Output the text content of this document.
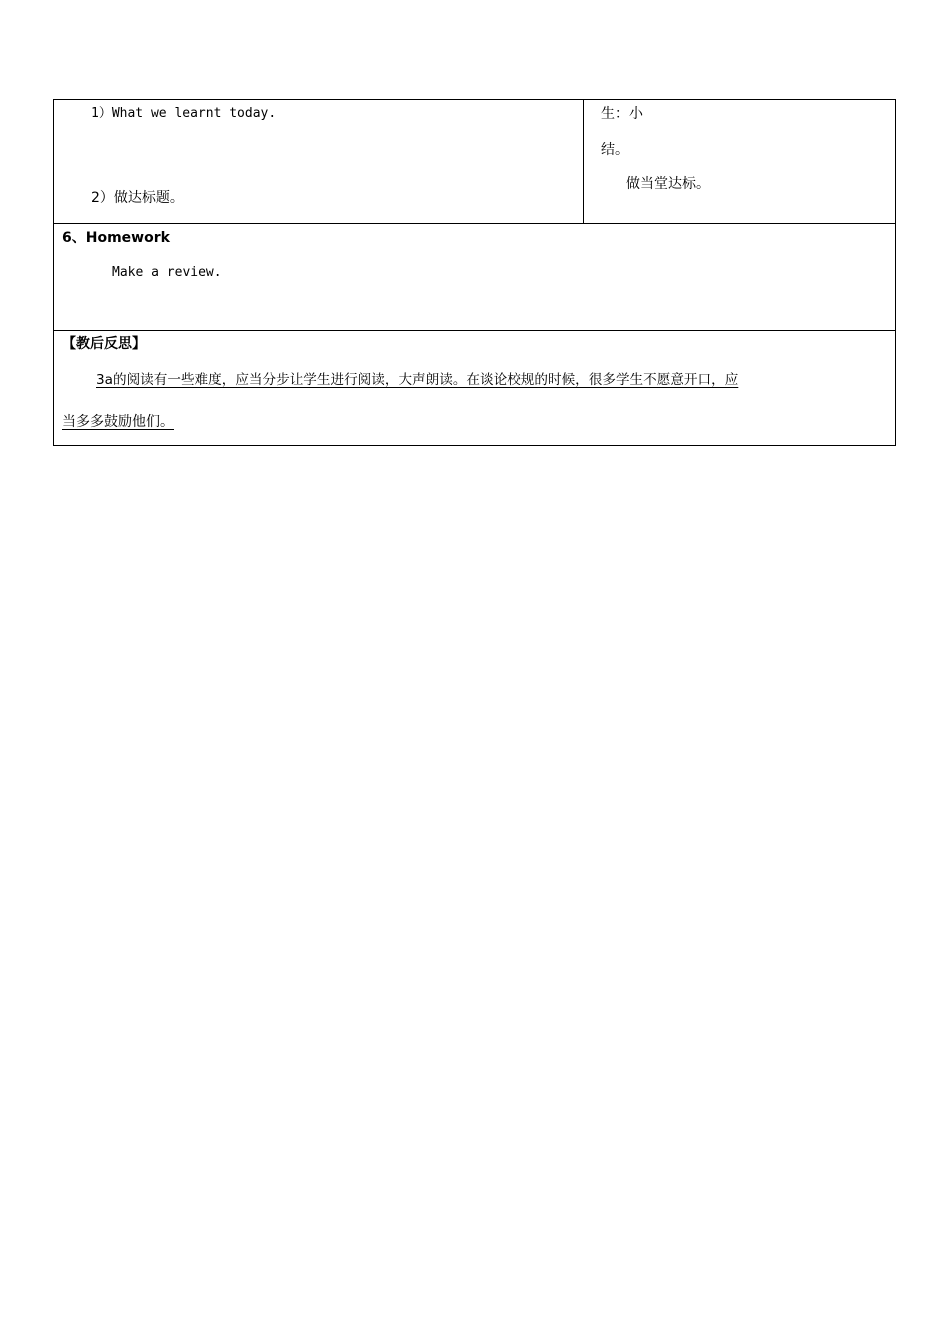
1）What we learnt today.
2）做达标题。

生：小
结。
做当堂达标。

6、Homework
Make a review.

【教后反思】
3a的阅读有一些难度，应当分步让学生进行阅读，大声朗读。在谈论校规的时候，很多学生不愿意开口，应
当多多鼓励他们。
